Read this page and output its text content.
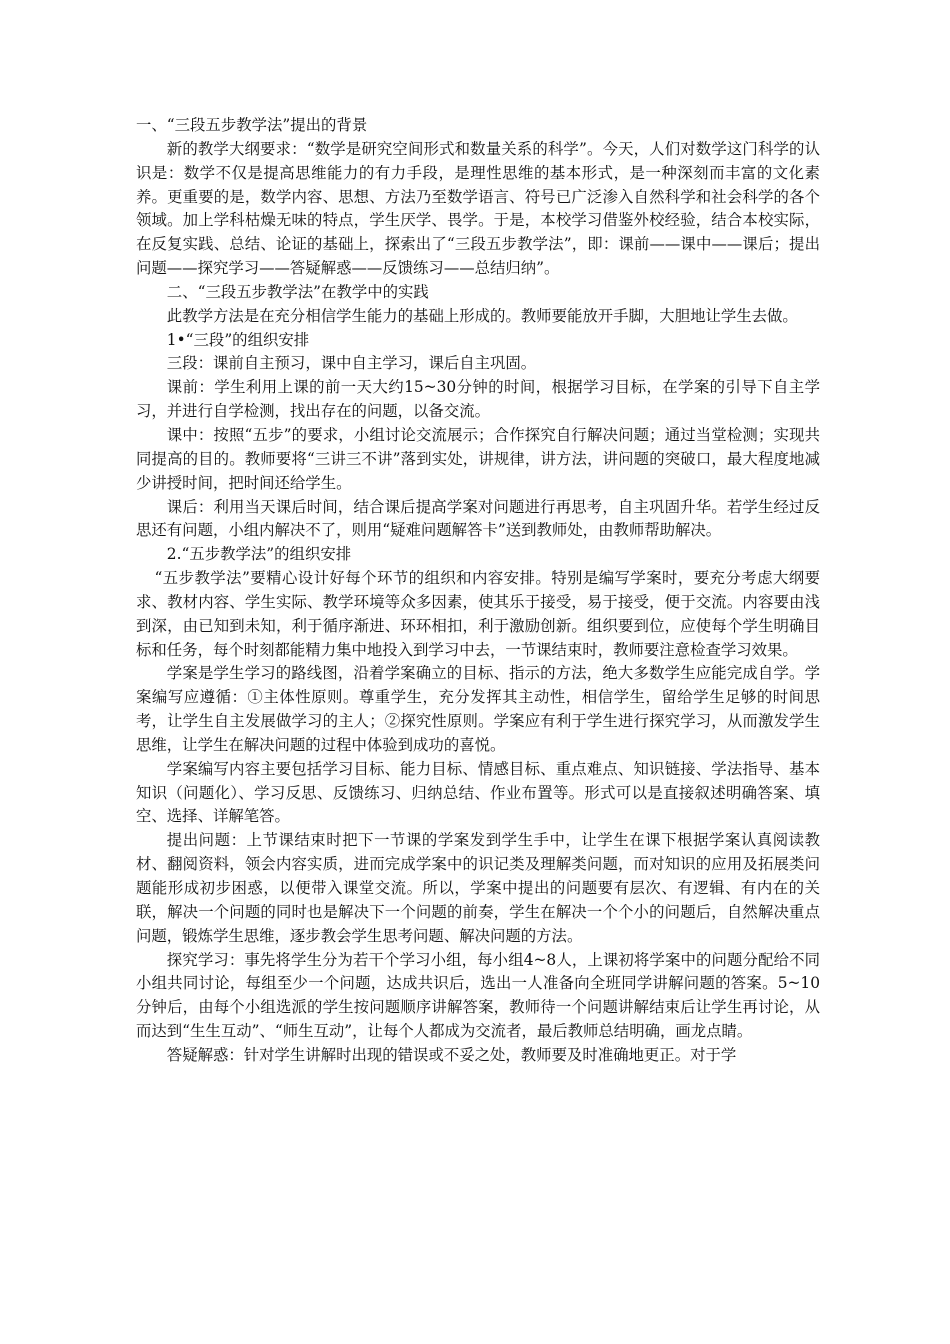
一、“三段五步教学法”提出的背景

新的教学大纲要求：“数学是研究空间形式和数量关系的科学”。今天，人们对数学这门科学的认识是：数学不仅是提高思维能力的有力手段，是理性思维的基本形式，是一种深刻而丰富的文化素养。更重要的是，数学内容、思想、方法乃至数学语言、符号已广泛渗入自然科学和社会科学的各个领域。加上学科枯燥无味的特点，学生厌学、畏学。于是，本校学习借鉴外校经验，结合本校实际，在反复实践、总结、论证的基础上，探索出了“三段五步教学法”，即：课前——课中——课后；提出问题——探究学习——答疑解惑——反馈练习——总结归纳”。

二、“三段五步教学法”在教学中的实践

此教学方法是在充分相信学生能力的基础上形成的。教师要能放开手脚，大胆地让学生去做。

1•“三段”的组织安排

三段：课前自主预习，课中自主学习，课后自主巩固。

课前：学生利用上课的前一天大约15~30分钟的时间，根据学习目标，在学案的引导下自主学习，并进行自学检测，找出存在的问题，以备交流。

课中：按照“五步”的要求，小组讨论交流展示；合作探究自行解决问题；通过当堂检测；实现共同提高的目的。教师要将“三讲三不讲”落到实处，讲规律，讲方法，讲问题的突破口，最大程度地减少讲授时间，把时间还给学生。

课后：利用当天课后时间，结合课后提高学案对问题进行再思考，自主巩固升华。若学生经过反思还有问题，小组内解决不了，则用“疑难问题解答卡”送到教师处，由教师帮助解决。

2.“五步教学法”的组织安排

“五步教学法”要精心设计好每个环节的组织和内容安排。特别是编写学案时，要充分考虑大纲要求、教材内容、学生实际、教学环境等众多因素，使其乐于接受，易于接受，便于交流。内容要由浅到深，由已知到未知，利于循序渐进、环环相扣，利于激励创新。组织要到位，应使每个学生明确目标和任务，每个时刻都能精力集中地投入到学习中去，一节课结束时，教师要注意检查学习效果。

学案是学生学习的路线图，沿着学案确立的目标、指示的方法，绝大多数学生应能完成自学。学案编写应遵循：①主体性原则。尊重学生，充分发挥其主动性，相信学生，留给学生足够的时间思考，让学生自主发展做学习的主人；②探究性原则。学案应有利于学生进行探究学习，从而激发学生思维，让学生在解决问题的过程中体验到成功的喜悦。

学案编写内容主要包括学习目标、能力目标、情感目标、重点难点、知识链接、学法指导、基本知识（问题化）、学习反思、反馈练习、归纳总结、作业布置等。形式可以是直接叙述明确答案、填空、选择、详解笔答。

提出问题：上节课结束时把下一节课的学案发到学生手中，让学生在课下根据学案认真阅读教材、翻阅资料，领会内容实质，进而完成学案中的识记类及理解类问题，而对知识的应用及拓展类问题能形成初步困惑，以便带入课堂交流。所以，学案中提出的问题要有层次、有逻辑、有内在的关联，解决一个问题的同时也是解决下一个问题的前奏，学生在解决一个个小的问题后，自然解决重点问题，锻炼学生思维，逐步教会学生思考问题、解决问题的方法。

探究学习：事先将学生分为若干个学习小组，每小组4~8人，上课初将学案中的问题分配给不同小组共同讨论，每组至少一个问题，达成共识后，选出一人准备向全班同学讲解问题的答案。5~10分钟后，由每个小组选派的学生按问题顺序讲解答案，教师待一个问题讲解结束后让学生再讨论，从而达到“生生互动”、“师生互动”，让每个人都成为交流者，最后教师总结明确，画龙点睛。

答疑解惑：针对学生讲解时出现的错误或不妥之处，教师要及时准确地更正。对于学
